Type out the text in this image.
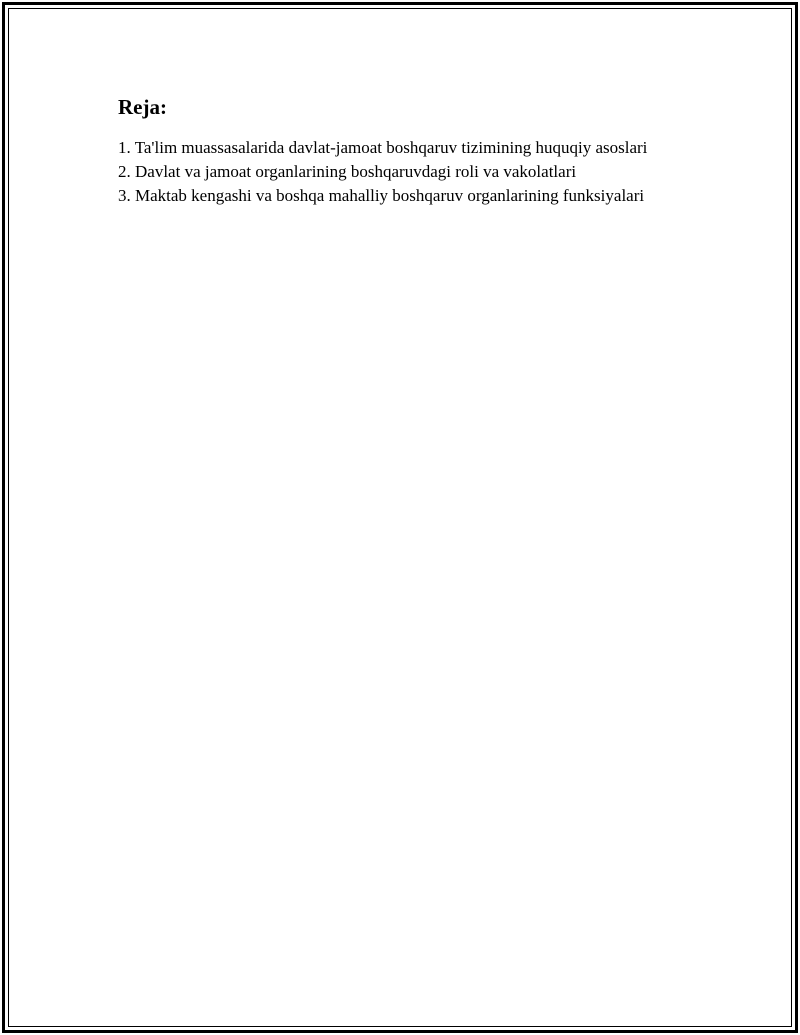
Reja:
1. Ta'lim muassasalarida davlat-jamoat boshqaruv tizimining huquqiy asoslari
2. Davlat va jamoat organlarining boshqaruvdagi roli va vakolatlari
3. Maktab kengashi va boshqa mahalliy boshqaruv organlarining funksiyalari
